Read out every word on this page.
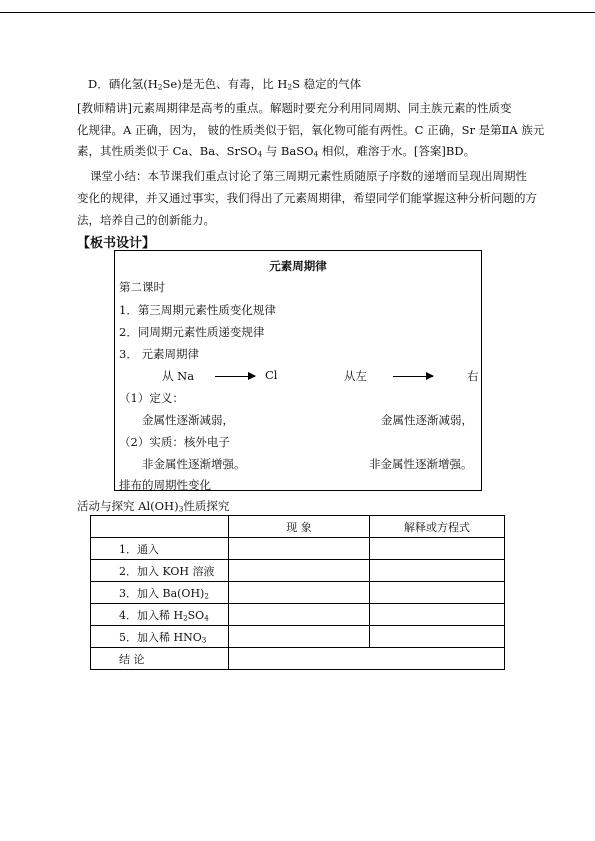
D．硒化氢$(H_2Se)$是无色、有毒，比 $H_2S$ 稳定的气体
[教师精讲]元素周期律是高考的重点。解题时要充分利用同周期、同主族元素的性质变
化规律。A 正确，因为， 铍的性质类似于铝，氧化物可能有两性。C 正确，Sr 是第ⅡA 族元
素，其性质类似于 Ca、Ba、SrSO$_4$ 与 BaSO$_4$ 相似，难溶于水。[答案]BD。
课堂小结：本节课我们重点讨论了第三周期元素性质随原子序数的递增而呈现出周期性
变化的规律，并又通过事实，我们得出了元素周期律，希望同学们能掌握这种分析问题的方
法，培养自己的创新能力。
【板书设计】
元素周期律
第二课时
1．第三周期元素性质变化规律
2．同周期元素性质递变规律
3． 元素周期律
从 Na	Cl	从左	右
（1）定义：
金属性逐渐减弱，	金属性逐渐减弱，
（2）实质：核外电子
非金属性逐渐增强。	非金属性逐渐增强。
排布的周期性变化
活动与探究 $Al(OH)_3$性质探究
	现 象	解释或方程式
1．通入		
2．加入 KOH 溶液		
3．加入 $Ba(OH)_2$		
4．加入稀 $H_2SO_4$		
5．加入稀 $HNO_3$		
结 论		
